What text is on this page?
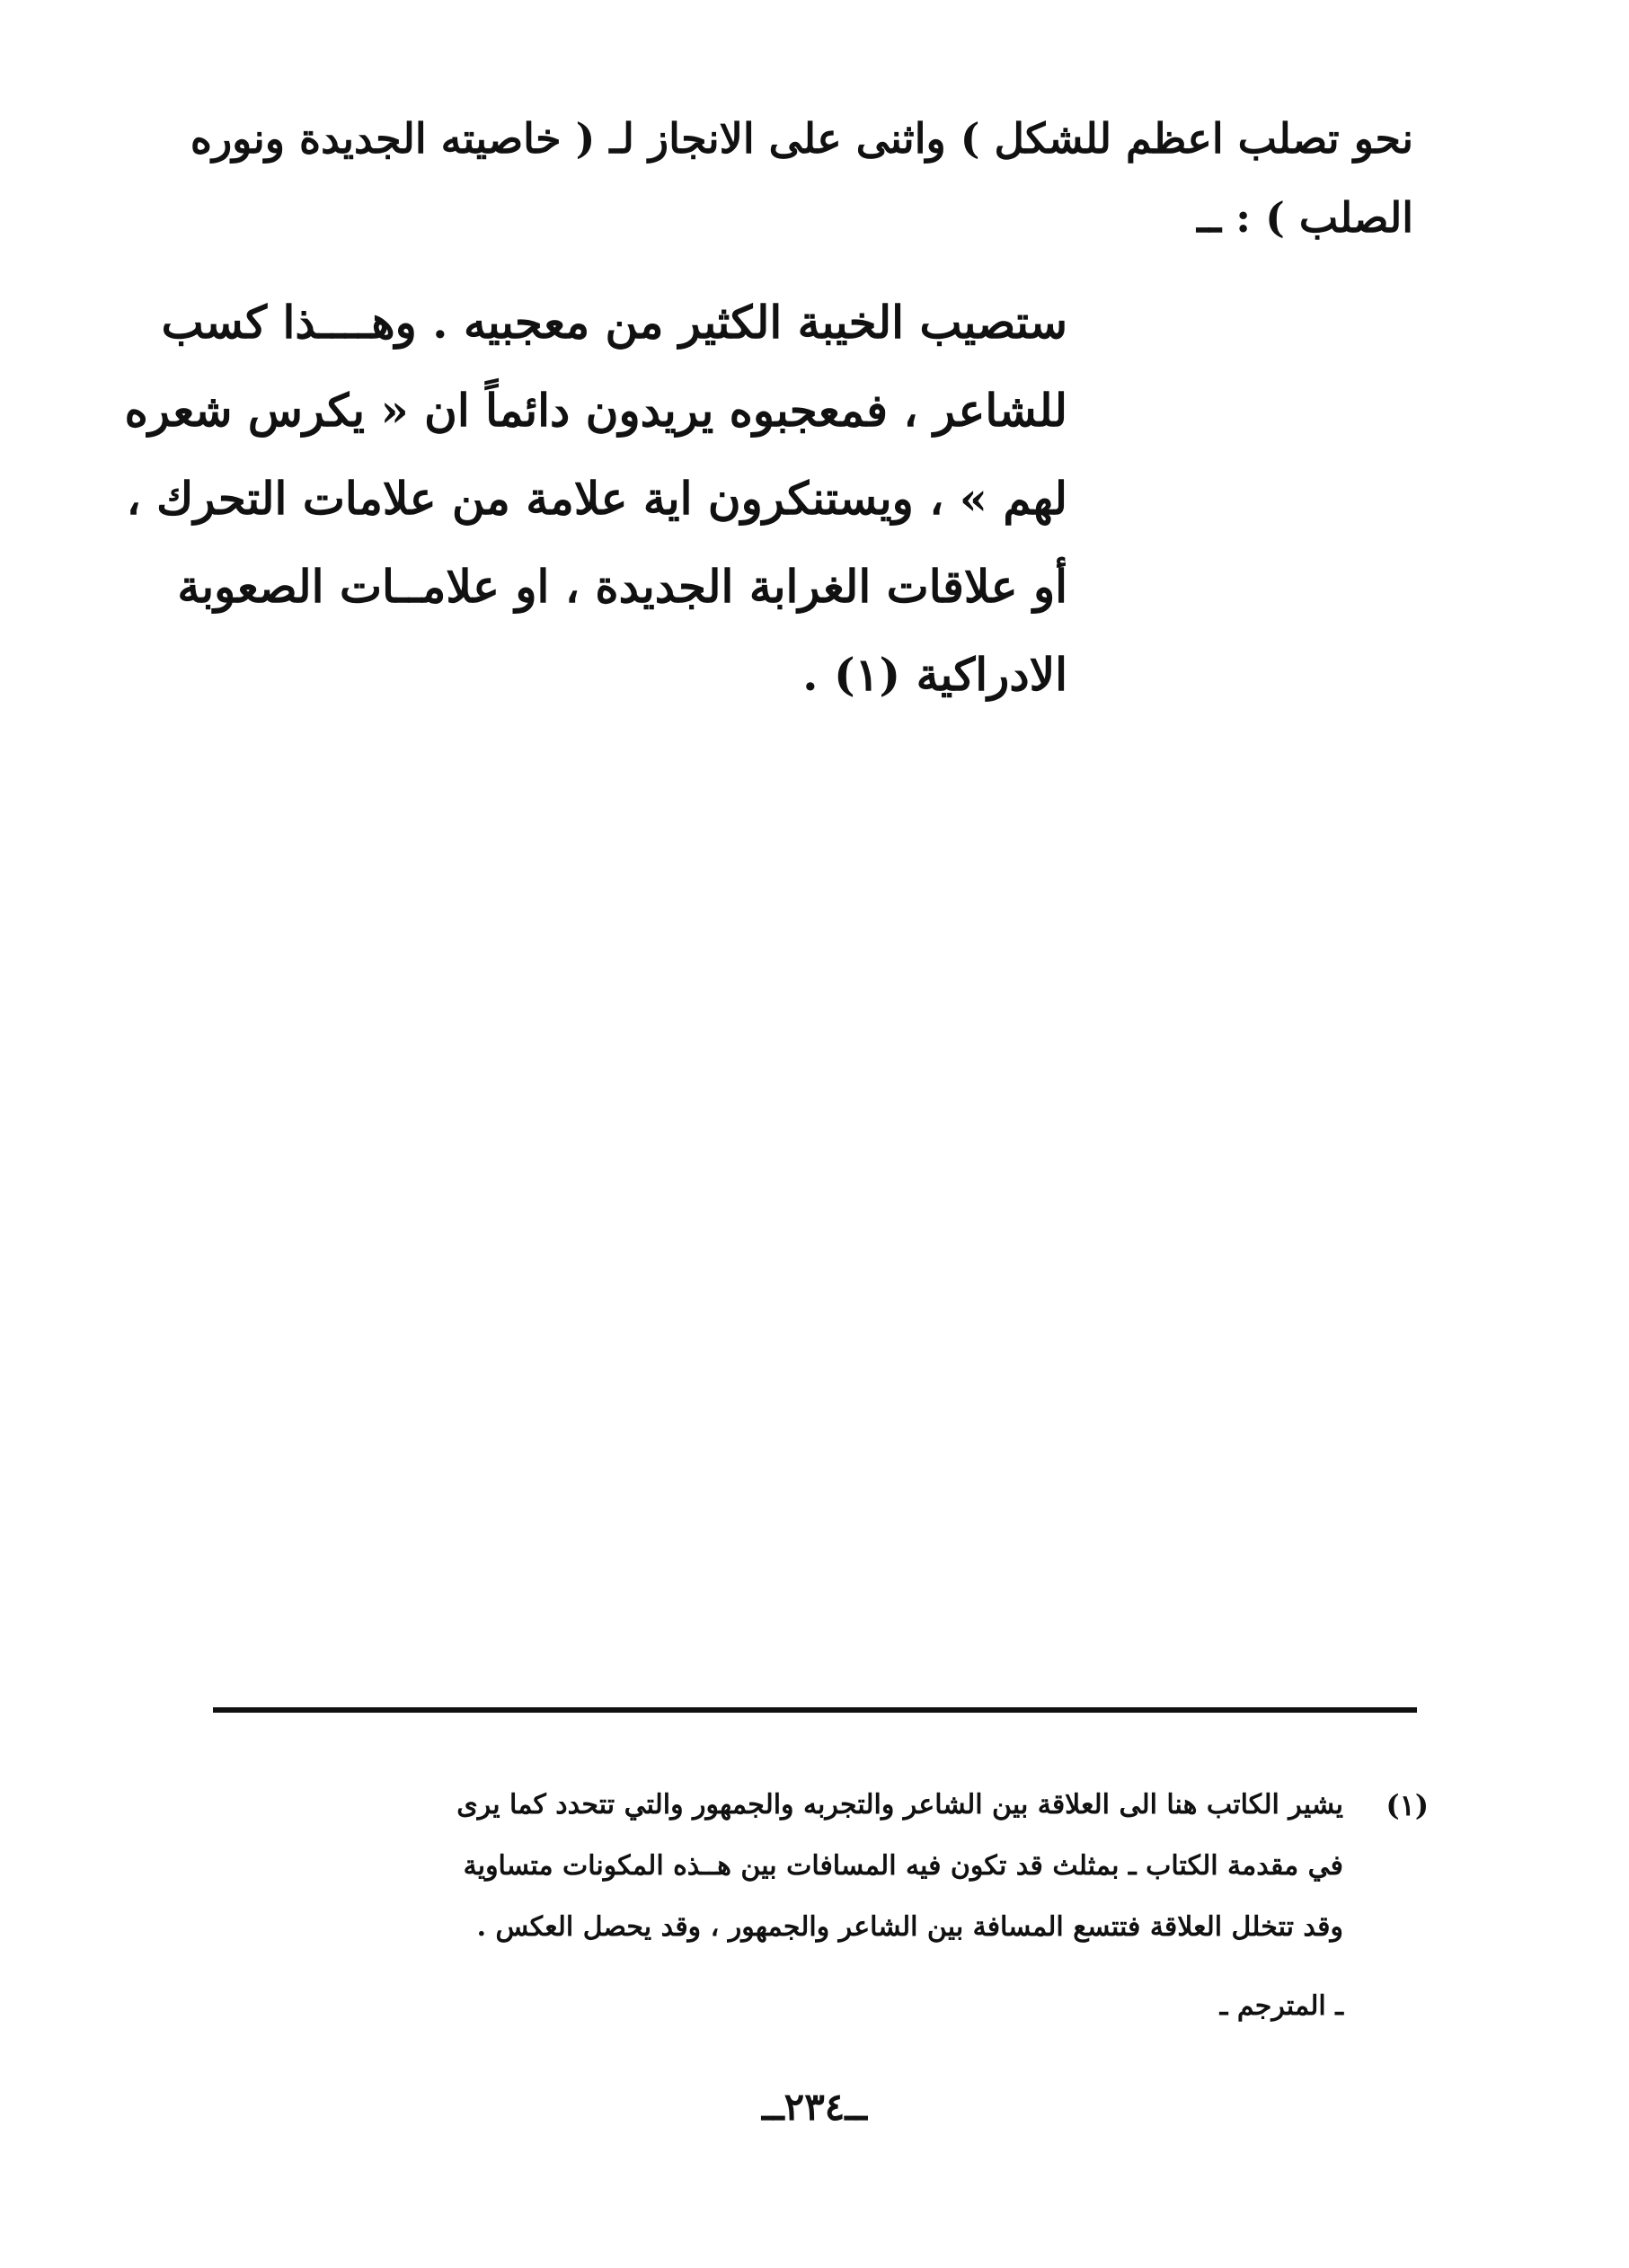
نحو تصلب اعظم للشكل ) واثنى على الانجاز لـ ( خاصيته الجديدة ونوره
الصلب ) : ــ
ستصيب الخيبة الكثير من معجبيه . وهــــذا كسب
للشاعر ، فمعجبوه يريدون دائماً ان « يكرس شعره
لهم » ، ويستنكرون اية علامة من علامات التحرك ،
أو علاقات الغرابة الجديدة ، او علامــات الصعوبة
الادراكية (١) .
(١)
يشير الكاتب هنا الى العلاقة بين الشاعر والتجربه والجمهور والتي تتحدد كما يرى
في مقدمة الكتاب ـ بمثلث قد تكون فيه المسافات بين هــذه المكونات متساوية
وقد تتخلل العلاقة فتتسع المسافة بين الشاعر والجمهور ، وقد يحصل العكس .
ـ المترجم ـ
ــ٢٣٤ــ
